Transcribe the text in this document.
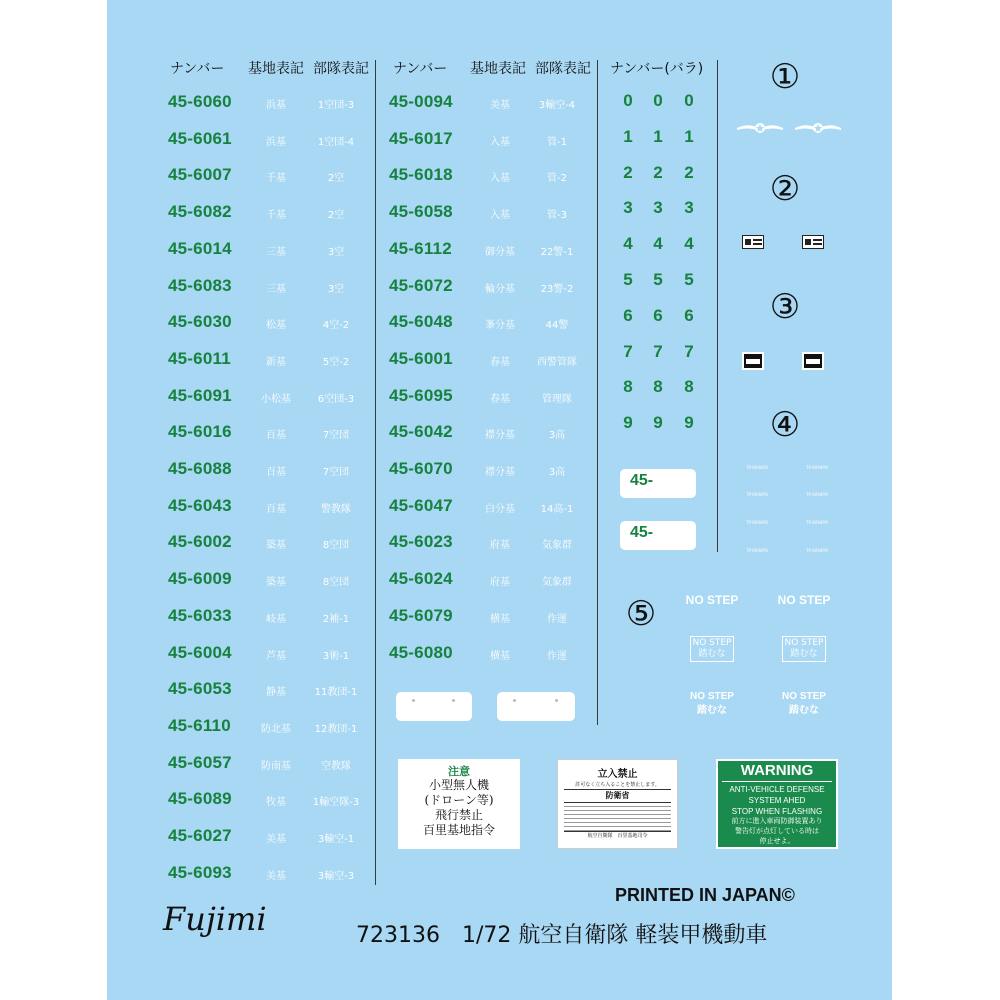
ナンバー 基地表記 部隊表記 ナンバー 基地表記 部隊表記 ナンバー(バラ)
45-6060	浜基	1空団-3
45-6061	浜基	1空団-4
45-6007	千基	2空
45-6082	千基	2空
45-6014	三基	3空
45-6083	三基	3空
45-6030	松基	4空-2
45-6011	新基	5空-2
45-6091	小松基	6空団-3
45-6016	百基	7空団
45-6088	百基	7空団
45-6043	百基	警教隊
45-6002	築基	8空団
45-6009	築基	8空団
45-6033	岐基	2補-1
45-6004	芦基	3術-1
45-6053	静基	11教団-1
45-6110	防北基 12教団-1
45-6057	防南基	空教隊
45-6089	牧基	1輸空隊-3
45-6027	美基	3輸空-1
45-6093	美基	3輸空-3
45-0094	美基	3輸空-4
45-6017	入基	管-1
45-6018	入基	管-2
45-6058	入基	管-3
45-6112	御分基	22警-1
45-6072	輪分基	23警-2
45-6048	峯分基	44警
45-6001	春基	西警管隊
45-6095	春基	管理隊
45-6042	襟分基	3高
45-6070	襟分基	3高
45-6047	白分基	14高-1
45-6023	府基	気象群
45-6024	府基	気象群
45-6079	横基	作運
45-6080	横基	作運
0 0 0
1 1 1
2 2 2
3 3 3
4 4 4
5 5 5
6 6 6
7 7 7
8 8 8
9 9 9
45-
45-
①
②
③
④
⑤
TP-6094PO	TP-6094PO
TP-6094PO	TP-6094PO
TP-6094PO	TP-6094PO
TP-6094PO	TP-6094PO
NO STEP	NO STEP
NO STEP
踏むな
NO STEP
踏むな
NO STEP
踏むな
NO STEP
踏むな
注意
小型無人機
(ドローン等)
飛行禁止
百里基地指令
立入禁止
許可なく立ち入ることを禁止します。
防衛省
航空自衛隊　百里基地司令
WARNING
ANTI-VEHICLE DEFENSE
SYSTEM AHED
STOP WHEN FLASHING
前方に進入車両防御装置あり
警告灯が点灯している時は
停止せよ。
PRINTED IN JAPAN©
723136　1/72 航空自衛隊 軽装甲機動車
Fujimi
